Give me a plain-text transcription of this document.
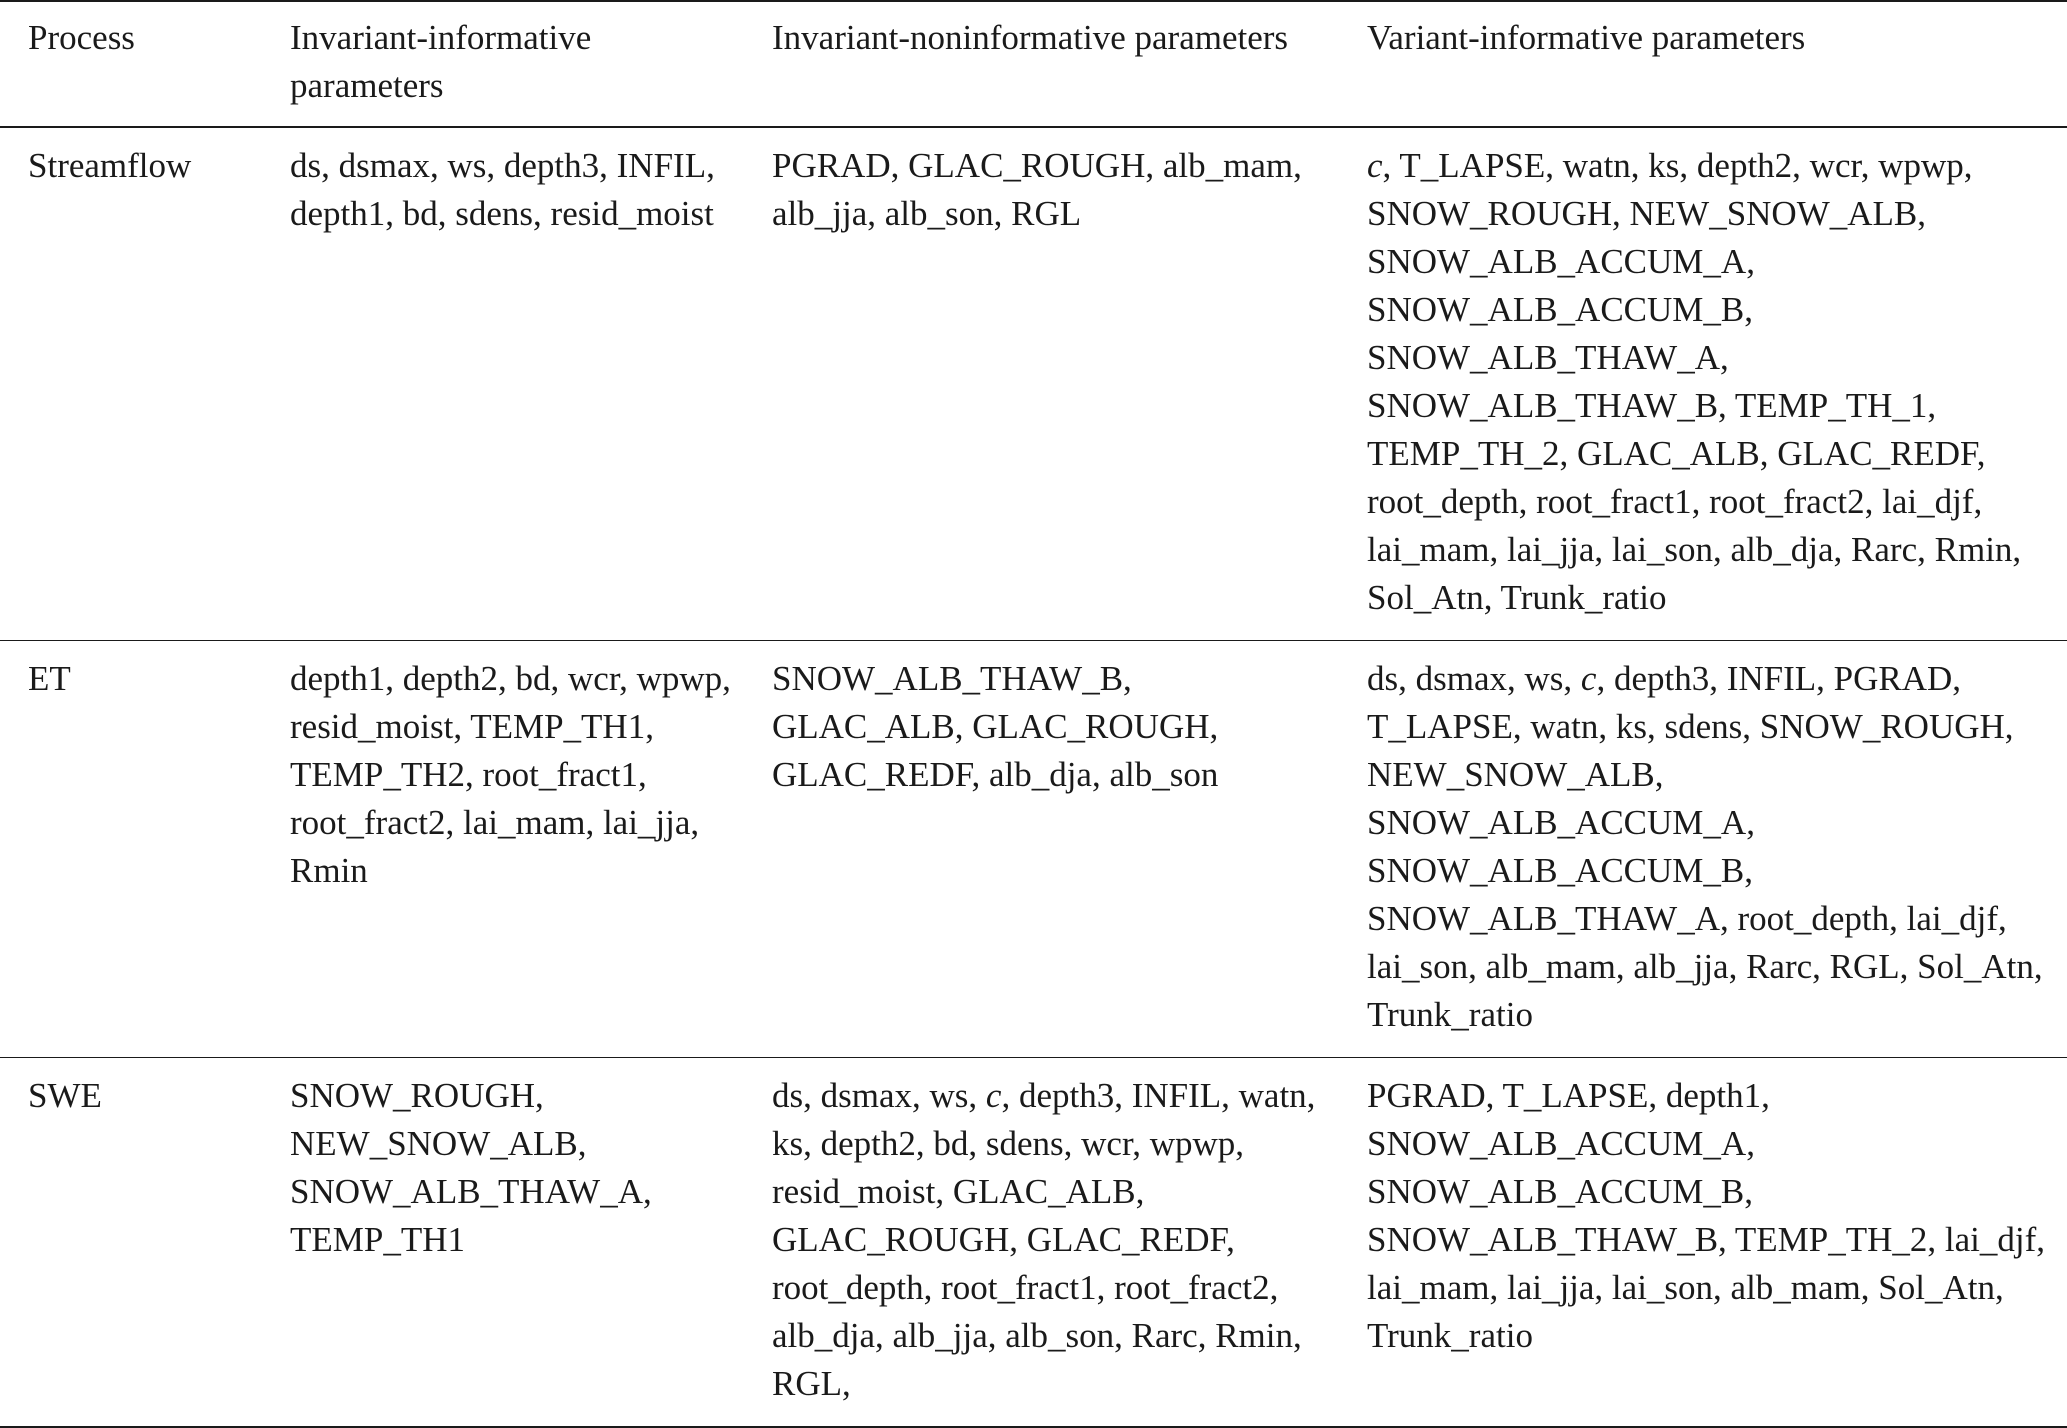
Process	Invariant-informative parameters	Invariant-noninformative parameters	Variant-informative parameters
Streamflow	ds, dsmax, ws, depth3, INFIL, depth1, bd, sdens, resid_moist	PGRAD, GLAC_ROUGH, alb_mam, alb_jja, alb_son, RGL	c, T_LAPSE, watn, ks, depth2, wcr, wpwp, SNOW_ROUGH, NEW_SNOW_ALB, SNOW_ALB_ACCUM_A, SNOW_ALB_ACCUM_B, SNOW_ALB_THAW_A, SNOW_ALB_THAW_B, TEMP_TH_1, TEMP_TH_2, GLAC_ALB, GLAC_REDF, root_depth, root_fract1, root_fract2, lai_djf, lai_mam, lai_jja, lai_son, alb_dja, Rarc, Rmin, Sol_Atn, Trunk_ratio
ET	depth1, depth2, bd, wcr, wpwp, resid_moist, TEMP_TH1, TEMP_TH2, root_fract1, root_fract2, lai_mam, lai_jja, Rmin	SNOW_ALB_THAW_B, GLAC_ALB, GLAC_ROUGH, GLAC_REDF, alb_dja, alb_son	ds, dsmax, ws, c, depth3, INFIL, PGRAD, T_LAPSE, watn, ks, sdens, SNOW_ROUGH, NEW_SNOW_ALB, SNOW_ALB_ACCUM_A, SNOW_ALB_ACCUM_B, SNOW_ALB_THAW_A, root_depth, lai_djf, lai_son, alb_mam, alb_jja, Rarc, RGL, Sol_Atn, Trunk_ratio
SWE	SNOW_ROUGH, NEW_SNOW_ALB, SNOW_ALB_THAW_A, TEMP_TH1	ds, dsmax, ws, c, depth3, INFIL, watn, ks, depth2, bd, sdens, wcr, wpwp, resid_moist, GLAC_ALB, GLAC_ROUGH, GLAC_REDF, root_depth, root_fract1, root_fract2, alb_dja, alb_jja, alb_son, Rarc, Rmin, RGL,	PGRAD, T_LAPSE, depth1, SNOW_ALB_ACCUM_A, SNOW_ALB_ACCUM_B, SNOW_ALB_THAW_B, TEMP_TH_2, lai_djf, lai_mam, lai_jja, lai_son, alb_mam, Sol_Atn, Trunk_ratio
